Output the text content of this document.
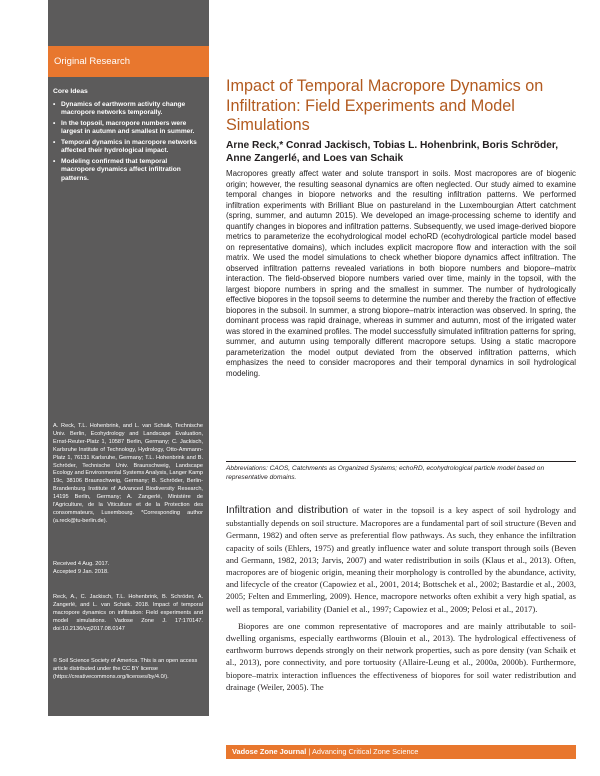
Original Research
Core Ideas
• Dynamics of earthworm activity change macropore networks temporally.
• In the topsoil, macropore numbers were largest in autumn and smallest in summer.
• Temporal dynamics in macropore networks affected their hydrological impact.
• Modeling confirmed that temporal macropore dynamics affect infiltration patterns.
A. Reck, T.L. Hohenbrink, and L. van Schaik, Technische Univ. Berlin, Ecohydrology and Landscape Evaluation, Ernst-Reuter-Platz 1, 10587 Berlin, Germany; C. Jackisch, Karlsruhe Institute of Technology, Hydrology, Otto-Ammann-Platz 1, 76131 Karlsruhe, Germany; T.L. Hohenbrink and B. Schröder, Technische Univ. Braunschweig, Landscape Ecology and Environmental Systems Analysis, Langer Kamp 19c, 38106 Braunschweig, Germany; B. Schröder, Berlin-Brandenburg Institute of Advanced Biodiversity Research, 14195 Berlin, Germany; A. Zangerlé, Ministère de l'Agriculture, de la Viticulture et de la Protection des consommateurs, Luxembourg. *Corresponding author (a.reck@tu-berlin.de).
Received 4 Aug. 2017.
Accepted 9 Jan. 2018.
Reck, A., C. Jackisch, T.L. Hohenbrink, B. Schröder, A. Zangerlé, and L. van Schaik. 2018. Impact of temporal macropore dynamics on infiltration: Field experiments and model simulations. Vadose Zone J. 17:170147. doi:10.2136/vzj2017.08.0147
© Soil Science Society of America. This is an open access article distributed under the CC BY license (https://creativecommons.org/licenses/by/4.0/).
Impact of Temporal Macropore Dynamics on Infiltration: Field Experiments and Model Simulations
Arne Reck,* Conrad Jackisch, Tobias L. Hohenbrink, Boris Schröder, Anne Zangerlé, and Loes van Schaik

Macropores greatly affect water and solute transport in soils. Most macropores are of biogenic origin; however, the resulting seasonal dynamics are often neglected. Our study aimed to examine temporal changes in biopore networks and the resulting infiltration patterns. We performed infiltration experiments with Brilliant Blue on pastureland in the Luxembourgian Attert catchment (spring, summer, and autumn 2015). We developed an image-processing scheme to identify and quantify changes in biopores and infiltration patterns. Subsequently, we used image-derived biopore metrics to parameterize the ecohydrological model echoRD (ecohydrological particle model based on representative domains), which includes explicit macropore flow and interaction with the soil matrix. We used the model simulations to check whether biopore dynamics affect infiltration. The observed infiltration patterns revealed variations in both biopore numbers and biopore–matrix interaction. The field-observed biopore numbers varied over time, mainly in the topsoil, with the largest biopore numbers in spring and the smallest in summer. The number of hydrologically effective biopores in the topsoil seems to determine the number and thereby the fraction of effective biopores in the subsoil. In summer, a strong biopore–matrix interaction was observed. In spring, the dominant process was rapid drainage, whereas in summer and autumn, most of the irrigated water was stored in the examined profiles. The model successfully simulated infiltration patterns for spring, summer, and autumn using temporally different macropore setups. Using a static macropore parameterization the model output deviated from the observed infiltration patterns, which emphasizes the need to consider macropores and their temporal dynamics in soil hydrological modeling.

Abbreviations: CAOS, Catchments as Organized Systems; echoRD, ecohydrological particle model based on representative domains.

Infiltration and distribution of water in the topsoil is a key aspect of soil hydrology and substantially depends on soil structure. Macropores are a fundamental part of soil structure (Beven and Germann, 1982) and often serve as preferential flow pathways. As such, they enhance the infiltration capacity of soils (Ehlers, 1975) and greatly influence water and solute transport through soils (Beven and Germann, 1982, 2013; Jarvis, 2007) and water redistribution in soils (Klaus et al., 2013). Often, macropores are of biogenic origin, meaning their morphology is controlled by the abundance, activity, and lifecycle of the creator (Capowiez et al., 2001, 2014; Bottschek et al., 2002; Bastardie et al., 2003, 2005; Felten and Emmerling, 2009). Hence, macropore networks often exhibit a very high spatial, as well as temporal, variability (Daniel et al., 1997; Capowiez et al., 2009; Pelosi et al., 2017).

Biopores are one common representative of macropores and are mainly attributable to soil-dwelling organisms, especially earthworms (Blouin et al., 2013). The hydrological effectiveness of earthworm burrows depends strongly on their network properties, such as pore density (van Schaik et al., 2013), pore connectivity, and pore tortuosity (Allaire-Leung et al., 2000a, 2000b). Furthermore, biopore–matrix interaction influences the effectiveness of biopores for soil water redistribution and drainage (Weiler, 2005). The

Vadose Zone Journal | Advancing Critical Zone Science
